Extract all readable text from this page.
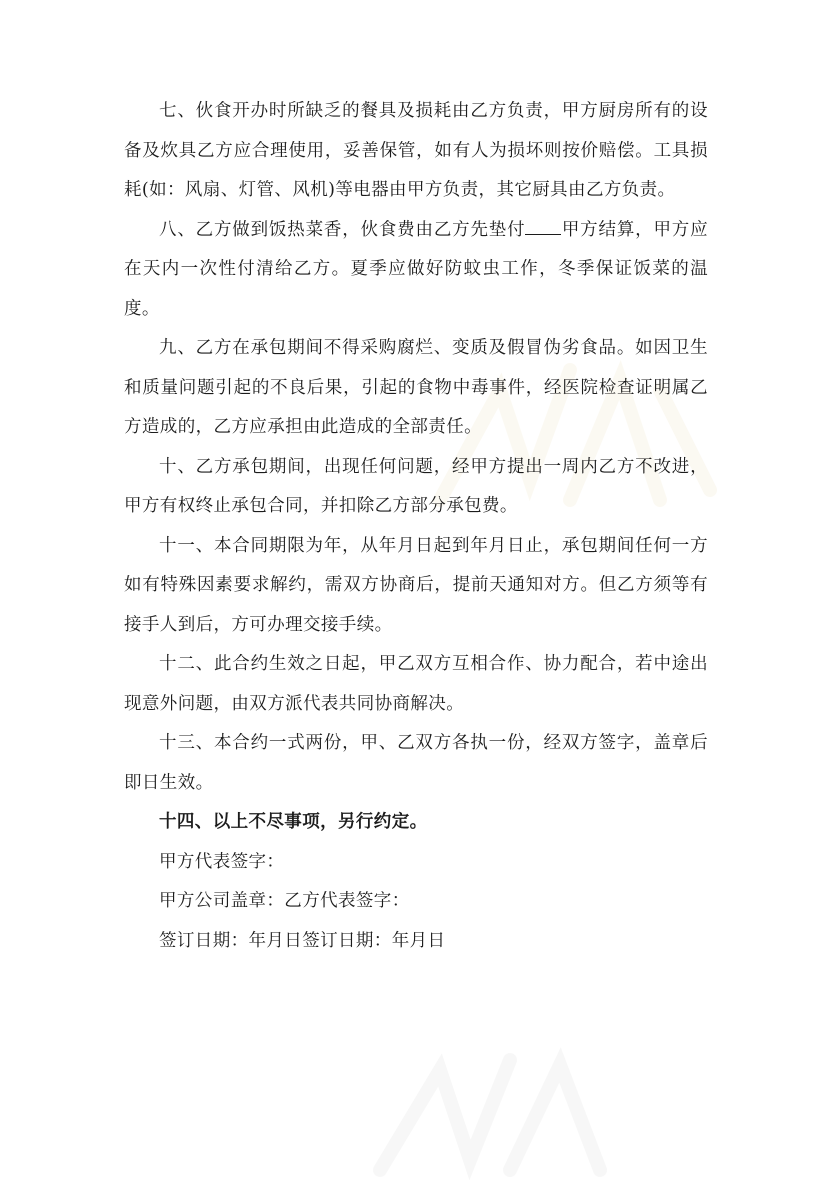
七、伙食开办时所缺乏的餐具及损耗由乙方负责，甲方厨房所有的设备及炊具乙方应合理使用，妥善保管，如有人为损坏则按价赔偿。工具损耗(如：风扇、灯管、风机)等电器由甲方负责，其它厨具由乙方负责。

八、乙方做到饭热菜香，伙食费由乙方先垫付 甲方结算，甲方应在天内一次性付清给乙方。夏季应做好防蚊虫工作，冬季保证饭菜的温度。

九、乙方在承包期间不得采购腐烂、变质及假冒伪劣食品。如因卫生和质量问题引起的不良后果，引起的食物中毒事件，经医院检查证明属乙方造成的，乙方应承担由此造成的全部责任。

十、乙方承包期间，出现任何问题，经甲方提出一周内乙方不改进，甲方有权终止承包合同，并扣除乙方部分承包费。

十一、本合同期限为年，从年月日起到年月日止，承包期间任何一方如有特殊因素要求解约，需双方协商后，提前天通知对方。但乙方须等有接手人到后，方可办理交接手续。

十二、此合约生效之日起，甲乙双方互相合作、协力配合，若中途出现意外问题，由双方派代表共同协商解决。

十三、本合约一式两份，甲、乙双方各执一份，经双方签字，盖章后即日生效。

十四、以上不尽事项，另行约定。

甲方代表签字：

甲方公司盖章：乙方代表签字：

签订日期：年月日签订日期：年月日
